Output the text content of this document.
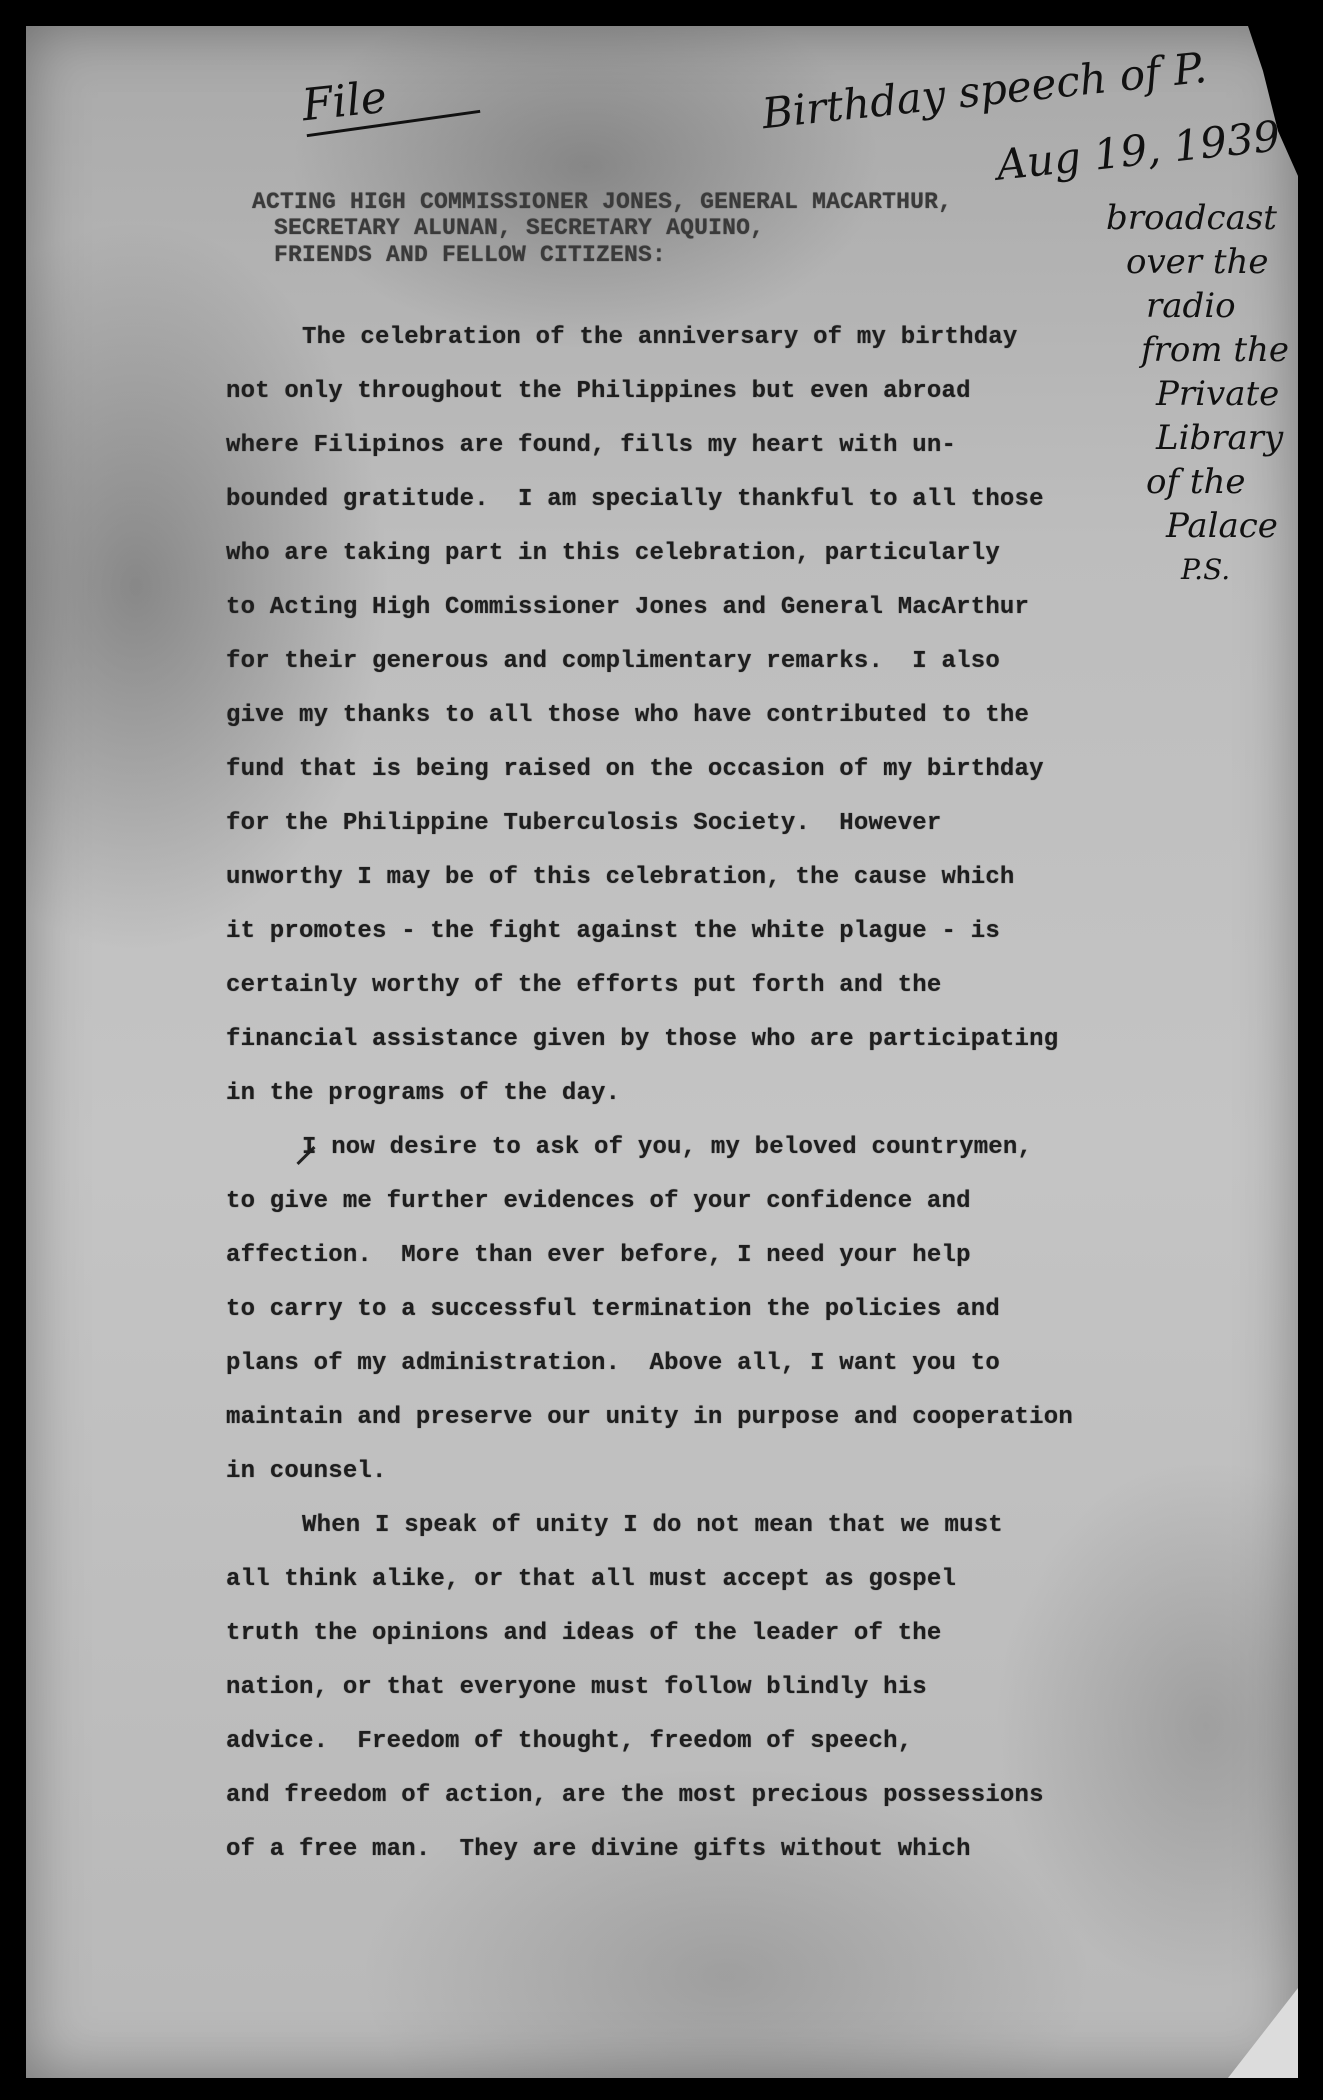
File	Birthday speech of P.
Aug 19, 1939
broadcast
over the
radio
from the
Private
Library
of the
Palace
P.S.

ACTING HIGH COMMISSIONER JONES, GENERAL MACARTHUR,

SECRETARY ALUNAN, SECRETARY AQUINO,

FRIENDS AND FELLOW CITIZENS:

The celebration of the anniversary of my birthday

not only throughout the Philippines but even abroad

where Filipinos are found, fills my heart with un-

bounded gratitude.  I am specially thankful to all those

who are taking part in this celebration, particularly

to Acting High Commissioner Jones and General MacArthur

for their generous and complimentary remarks.  I also

give my thanks to all those who have contributed to the

fund that is being raised on the occasion of my birthday

for the Philippine Tuberculosis Society.  However

unworthy I may be of this celebration, the cause which

it promotes - the fight against the white plague - is

certainly worthy of the efforts put forth and the

financial assistance given by those who are participating

in the programs of the day.

I now desire to ask of you, my beloved countrymen,

to give me further evidences of your confidence and

affection.  More than ever before, I need your help

to carry to a successful termination the policies and

plans of my administration.  Above all, I want you to

maintain and preserve our unity in purpose and cooperation

in counsel.

When I speak of unity I do not mean that we must

all think alike, or that all must accept as gospel

truth the opinions and ideas of the leader of the

nation, or that everyone must follow blindly his

advice.  Freedom of thought, freedom of speech,

and freedom of action, are the most precious possessions

of a free man.  They are divine gifts without which
